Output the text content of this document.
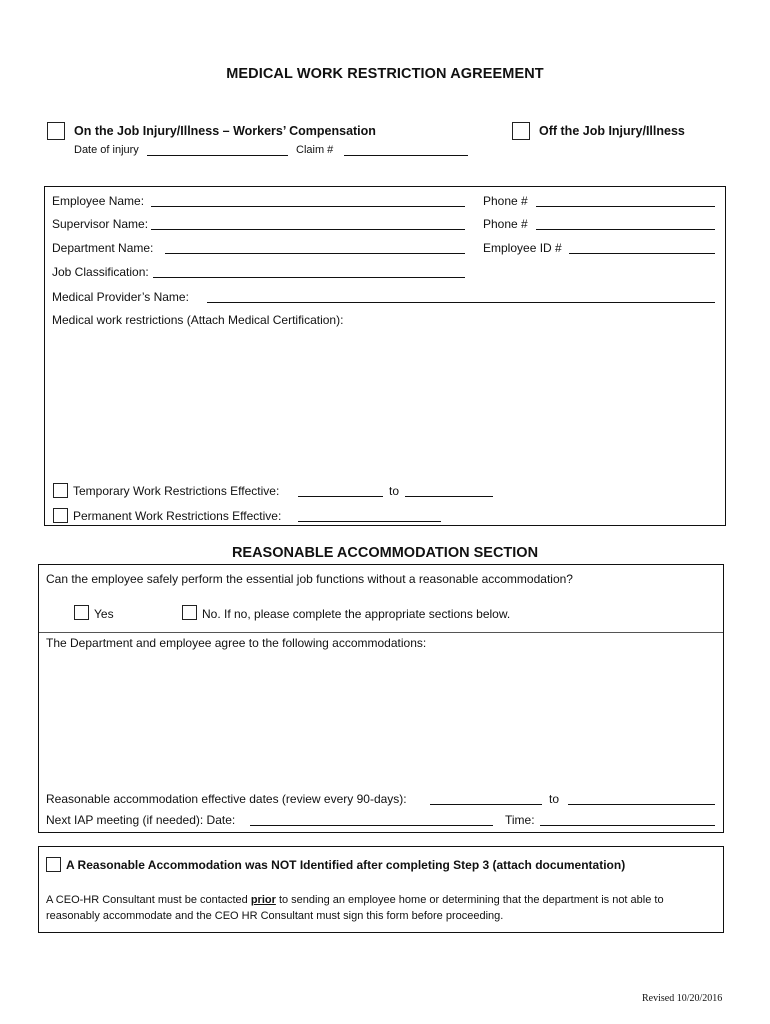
MEDICAL WORK RESTRICTION AGREEMENT
On the Job Injury/Illness – Workers’ Compensation	Off the Job Injury/Illness
Date of injury	Claim #
Employee Name:	Phone #
Supervisor Name:	Phone #
Department Name:	Employee ID #
Job Classification:
Medical Provider’s Name:
Medical work restrictions (Attach Medical Certification):
Temporary Work Restrictions Effective:	to
Permanent Work Restrictions Effective:
REASONABLE ACCOMMODATION SECTION
Can the employee safely perform the essential job functions without a reasonable accommodation?
Yes	No. If no, please complete the appropriate sections below.
The Department and employee agree to the following accommodations:
Reasonable accommodation effective dates (review every 90-days):	to
Next IAP meeting (if needed): Date:	Time:
A Reasonable Accommodation was NOT Identified after completing Step 3 (attach documentation)
A CEO-HR Consultant must be contacted prior to sending an employee home or determining that the department is not able to
reasonably accommodate and the CEO HR Consultant must sign this form before proceeding.
Revised 10/20/2016
